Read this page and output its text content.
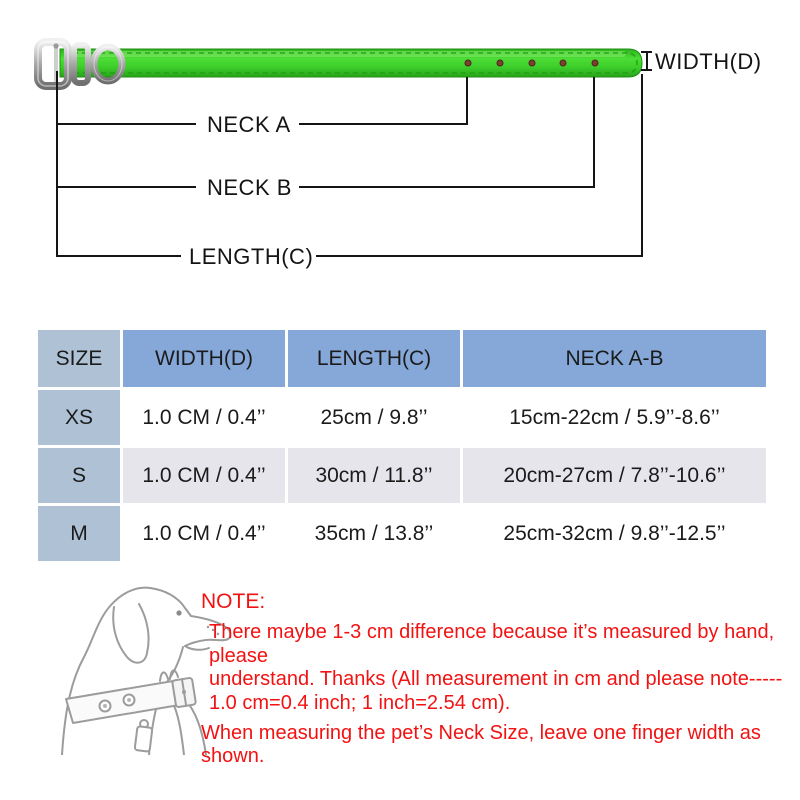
WIDTH(D)
NECK A
NECK B
LENGTH(C)
SIZE	WIDTH(D)	LENGTH(C)	NECK A-B
XS	1.0 CM / 0.4’’	25cm / 9.8’’	15cm-22cm / 5.9’’-8.6’’
S	1.0 CM / 0.4’’	30cm / 11.8’’	20cm-27cm / 7.8’’-10.6’’
M	1.0 CM / 0.4’’	35cm / 13.8’’	25cm-32cm / 9.8’’-12.5’’
NOTE:
There maybe 1-3 cm difference because it’s measured by hand, please
understand. Thanks (All measurement in cm and please note-----
1.0 cm=0.4 inch; 1 inch=2.54 cm).
When measuring the pet’s Neck Size, leave one finger width as shown.
